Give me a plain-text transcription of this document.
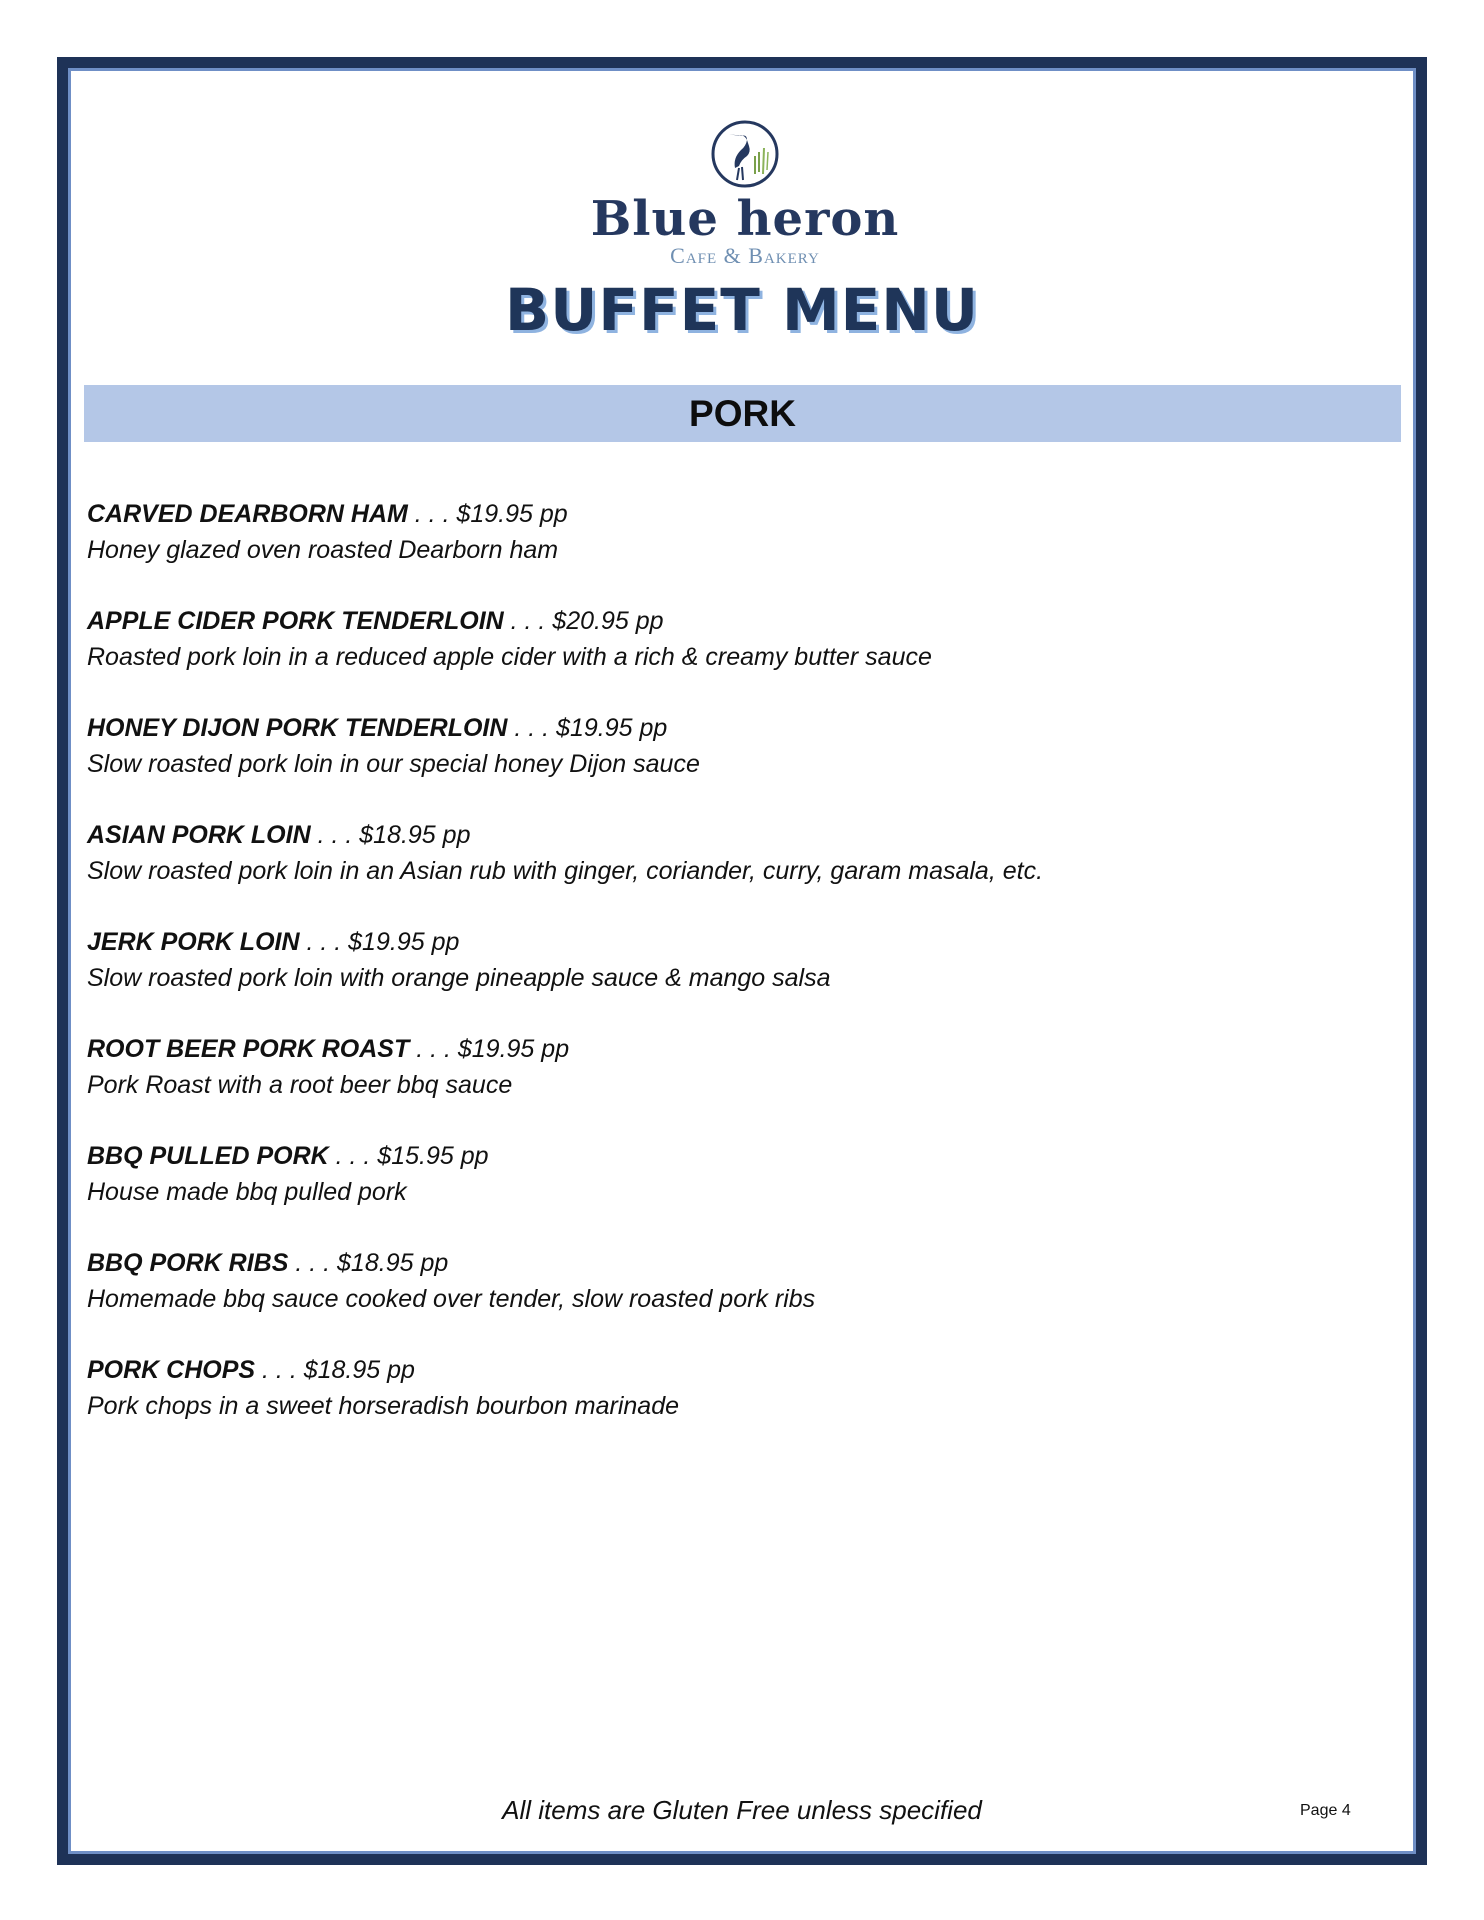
Blue heron
Cafe & Bakery
BUFFET MENU
PORK
CARVED DEARBORN HAM . . . $19.95 pp
Honey glazed oven roasted Dearborn ham
APPLE CIDER PORK TENDERLOIN . . . $20.95 pp
Roasted pork loin in a reduced apple cider with a rich & creamy butter sauce
HONEY DIJON PORK TENDERLOIN . . . $19.95 pp
Slow roasted pork loin in our special honey Dijon sauce
ASIAN PORK LOIN . . . $18.95 pp
Slow roasted pork loin in an Asian rub with ginger, coriander, curry, garam masala, etc.
JERK PORK LOIN . . . $19.95 pp
Slow roasted pork loin with orange pineapple sauce & mango salsa
ROOT BEER PORK ROAST . . . $19.95 pp
Pork Roast with a root beer bbq sauce
BBQ PULLED PORK . . . $15.95 pp
House made bbq pulled pork
BBQ PORK RIBS . . . $18.95 pp
Homemade bbq sauce cooked over tender, slow roasted pork ribs
PORK CHOPS . . . $18.95 pp
Pork chops in a sweet horseradish bourbon marinade
All items are Gluten Free unless specified	Page 4
